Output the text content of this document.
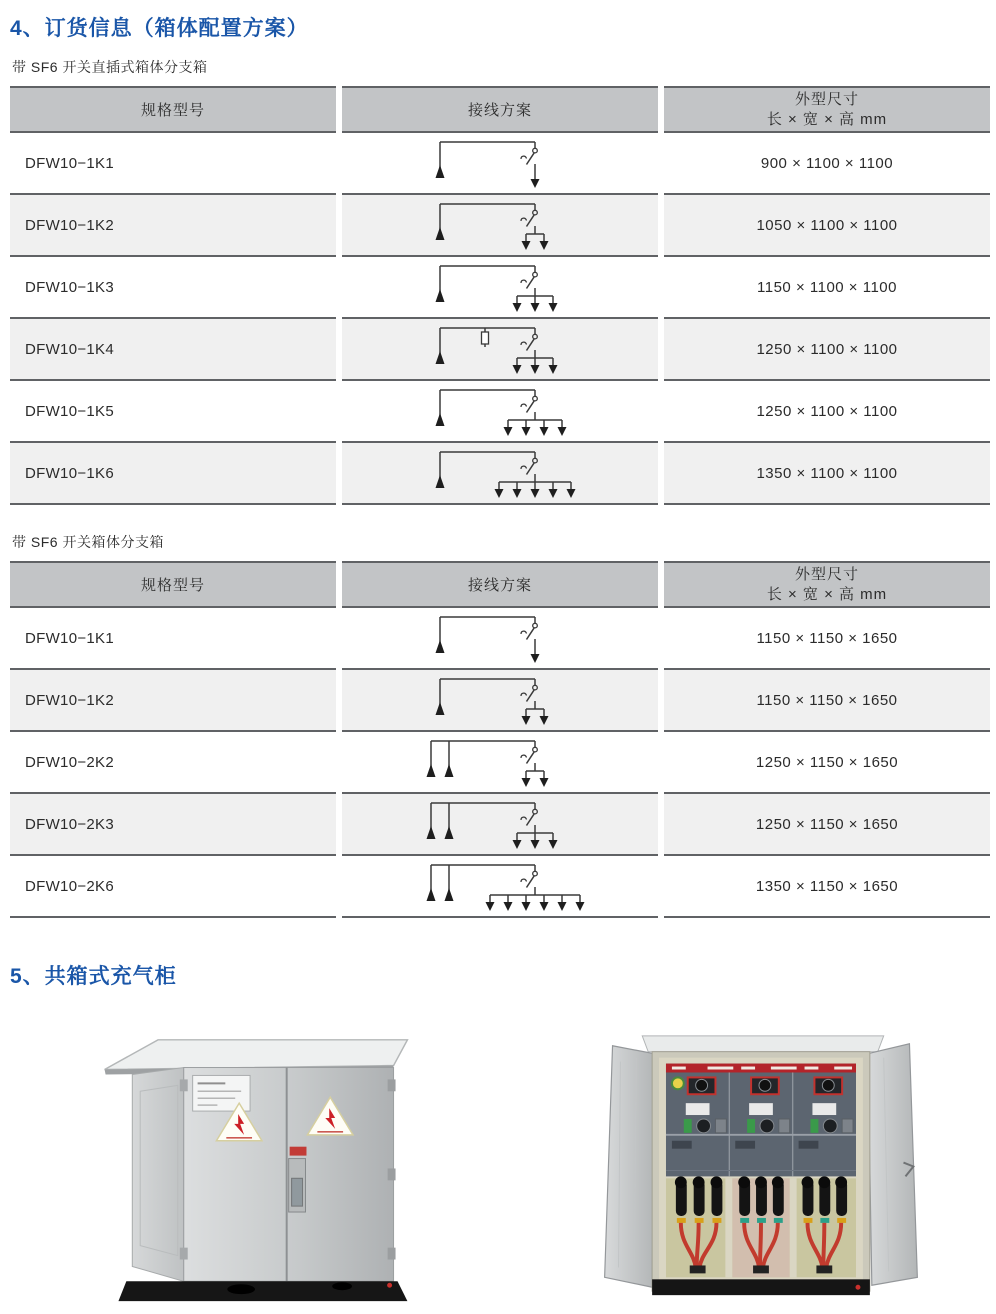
4、订货信息（箱体配置方案）

带 SF6 开关直插式箱体分支箱

规格型号	接线方案
外型尺寸
长 × 宽 × 高 mm
DFW10−1K1	900 × 1100 × 1100
DFW10−1K2	1050 × 1100 × 1100
DFW10−1K3	1150 × 1100 × 1100
DFW10−1K4	1250 × 1100 × 1100
DFW10−1K5	1250 × 1100 × 1100
DFW10−1K6	1350 × 1100 × 1100

带 SF6 开关箱体分支箱

规格型号	接线方案
外型尺寸
长 × 宽 × 高 mm
DFW10−1K1	1150 × 1150 × 1650
DFW10−1K2	1150 × 1150 × 1650
DFW10−2K2	1250 × 1150 × 1650
DFW10−2K3	1250 × 1150 × 1650
DFW10−2K6	1350 × 1150 × 1650
5、共箱式充气柜
